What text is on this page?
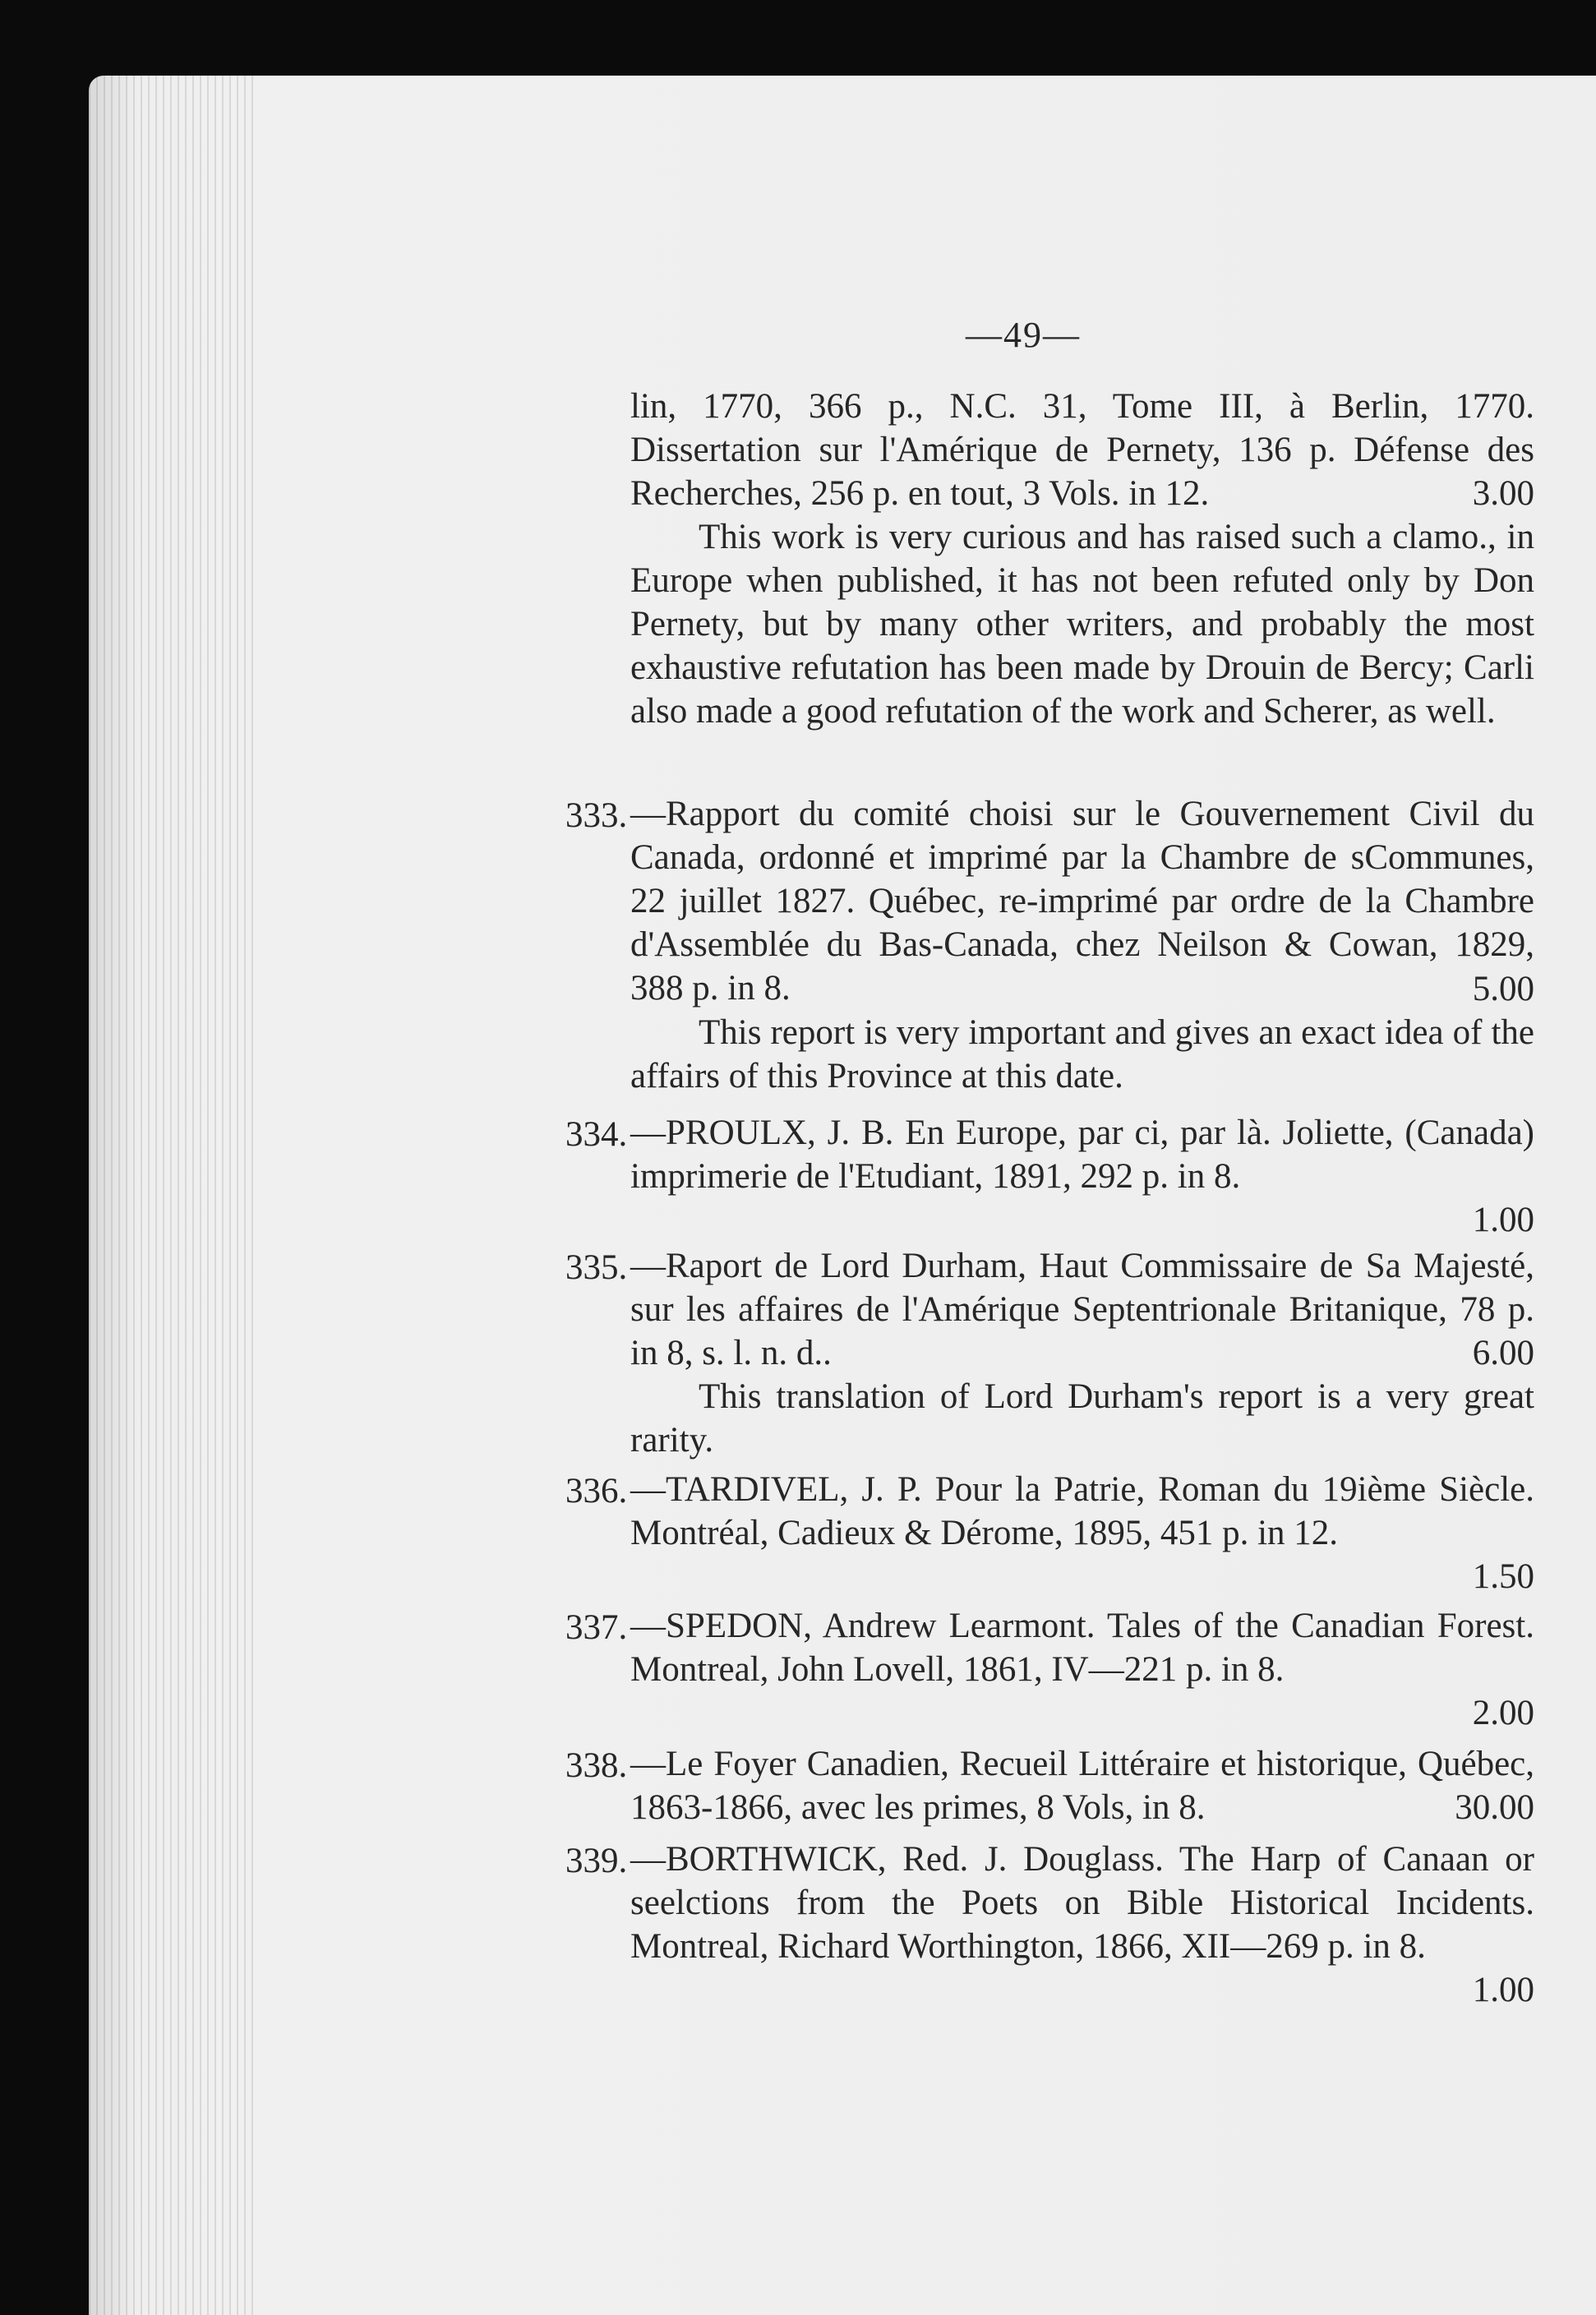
—49—
lin, 1770, 366 p., N.C. 31, Tome III, à Berlin, 1770. Dissertation sur l'Amérique de Pernety, 136 p. Défense des Recherches, 256 p. en tout, 3 Vols. in 12.	3.00
This work is very curious and has raised such a clamo., in Europe when published, it has not been refuted only by Don Pernety, but by many other writers, and probably the most exhaustive refutation has been made by Drouin de Bercy; Carli also made a good refutation of the work and Scherer, as well.
333. —Rapport du comité choisi sur le Gouvernement Civil du Canada, ordonné et imprimé par la Chambre de sCommunes, 22 juillet 1827. Québec, re-imprimé par ordre de la Chambre d'Assemblée du Bas-Canada, chez Neilson & Cowan, 1829, 388 p. in 8.	5.00
This report is very important and gives an exact idea of the affairs of this Province at this date.
334. —PROULX, J. B. En Europe, par ci, par là. Joliette, (Canada) imprimerie de l'Etudiant, 1891, 292 p. in 8.
1.00
335. —Raport de Lord Durham, Haut Commissaire de Sa Majesté, sur les affaires de l'Amérique Septentrionale Britanique, 78 p. in 8, s. l. n. d..	6.00
This translation of Lord Durham's report is a very great rarity.
336. —TARDIVEL, J. P. Pour la Patrie, Roman du 19ième Siècle. Montréal, Cadieux & Dérome, 1895, 451 p. in 12.
1.50
337. —SPEDON, Andrew Learmont. Tales of the Canadian Forest. Montreal, John Lovell, 1861, IV—221 p. in 8.
2.00
338. —Le Foyer Canadien, Recueil Littéraire et historique, Québec, 1863-1866, avec les primes, 8 Vols, in 8.	30.00
339. —BORTHWICK, Red. J. Douglass. The Harp of Canaan or seelctions from the Poets on Bible Historical Incidents. Montreal, Richard Worthington, 1866, XII—269 p. in 8.
1.00
